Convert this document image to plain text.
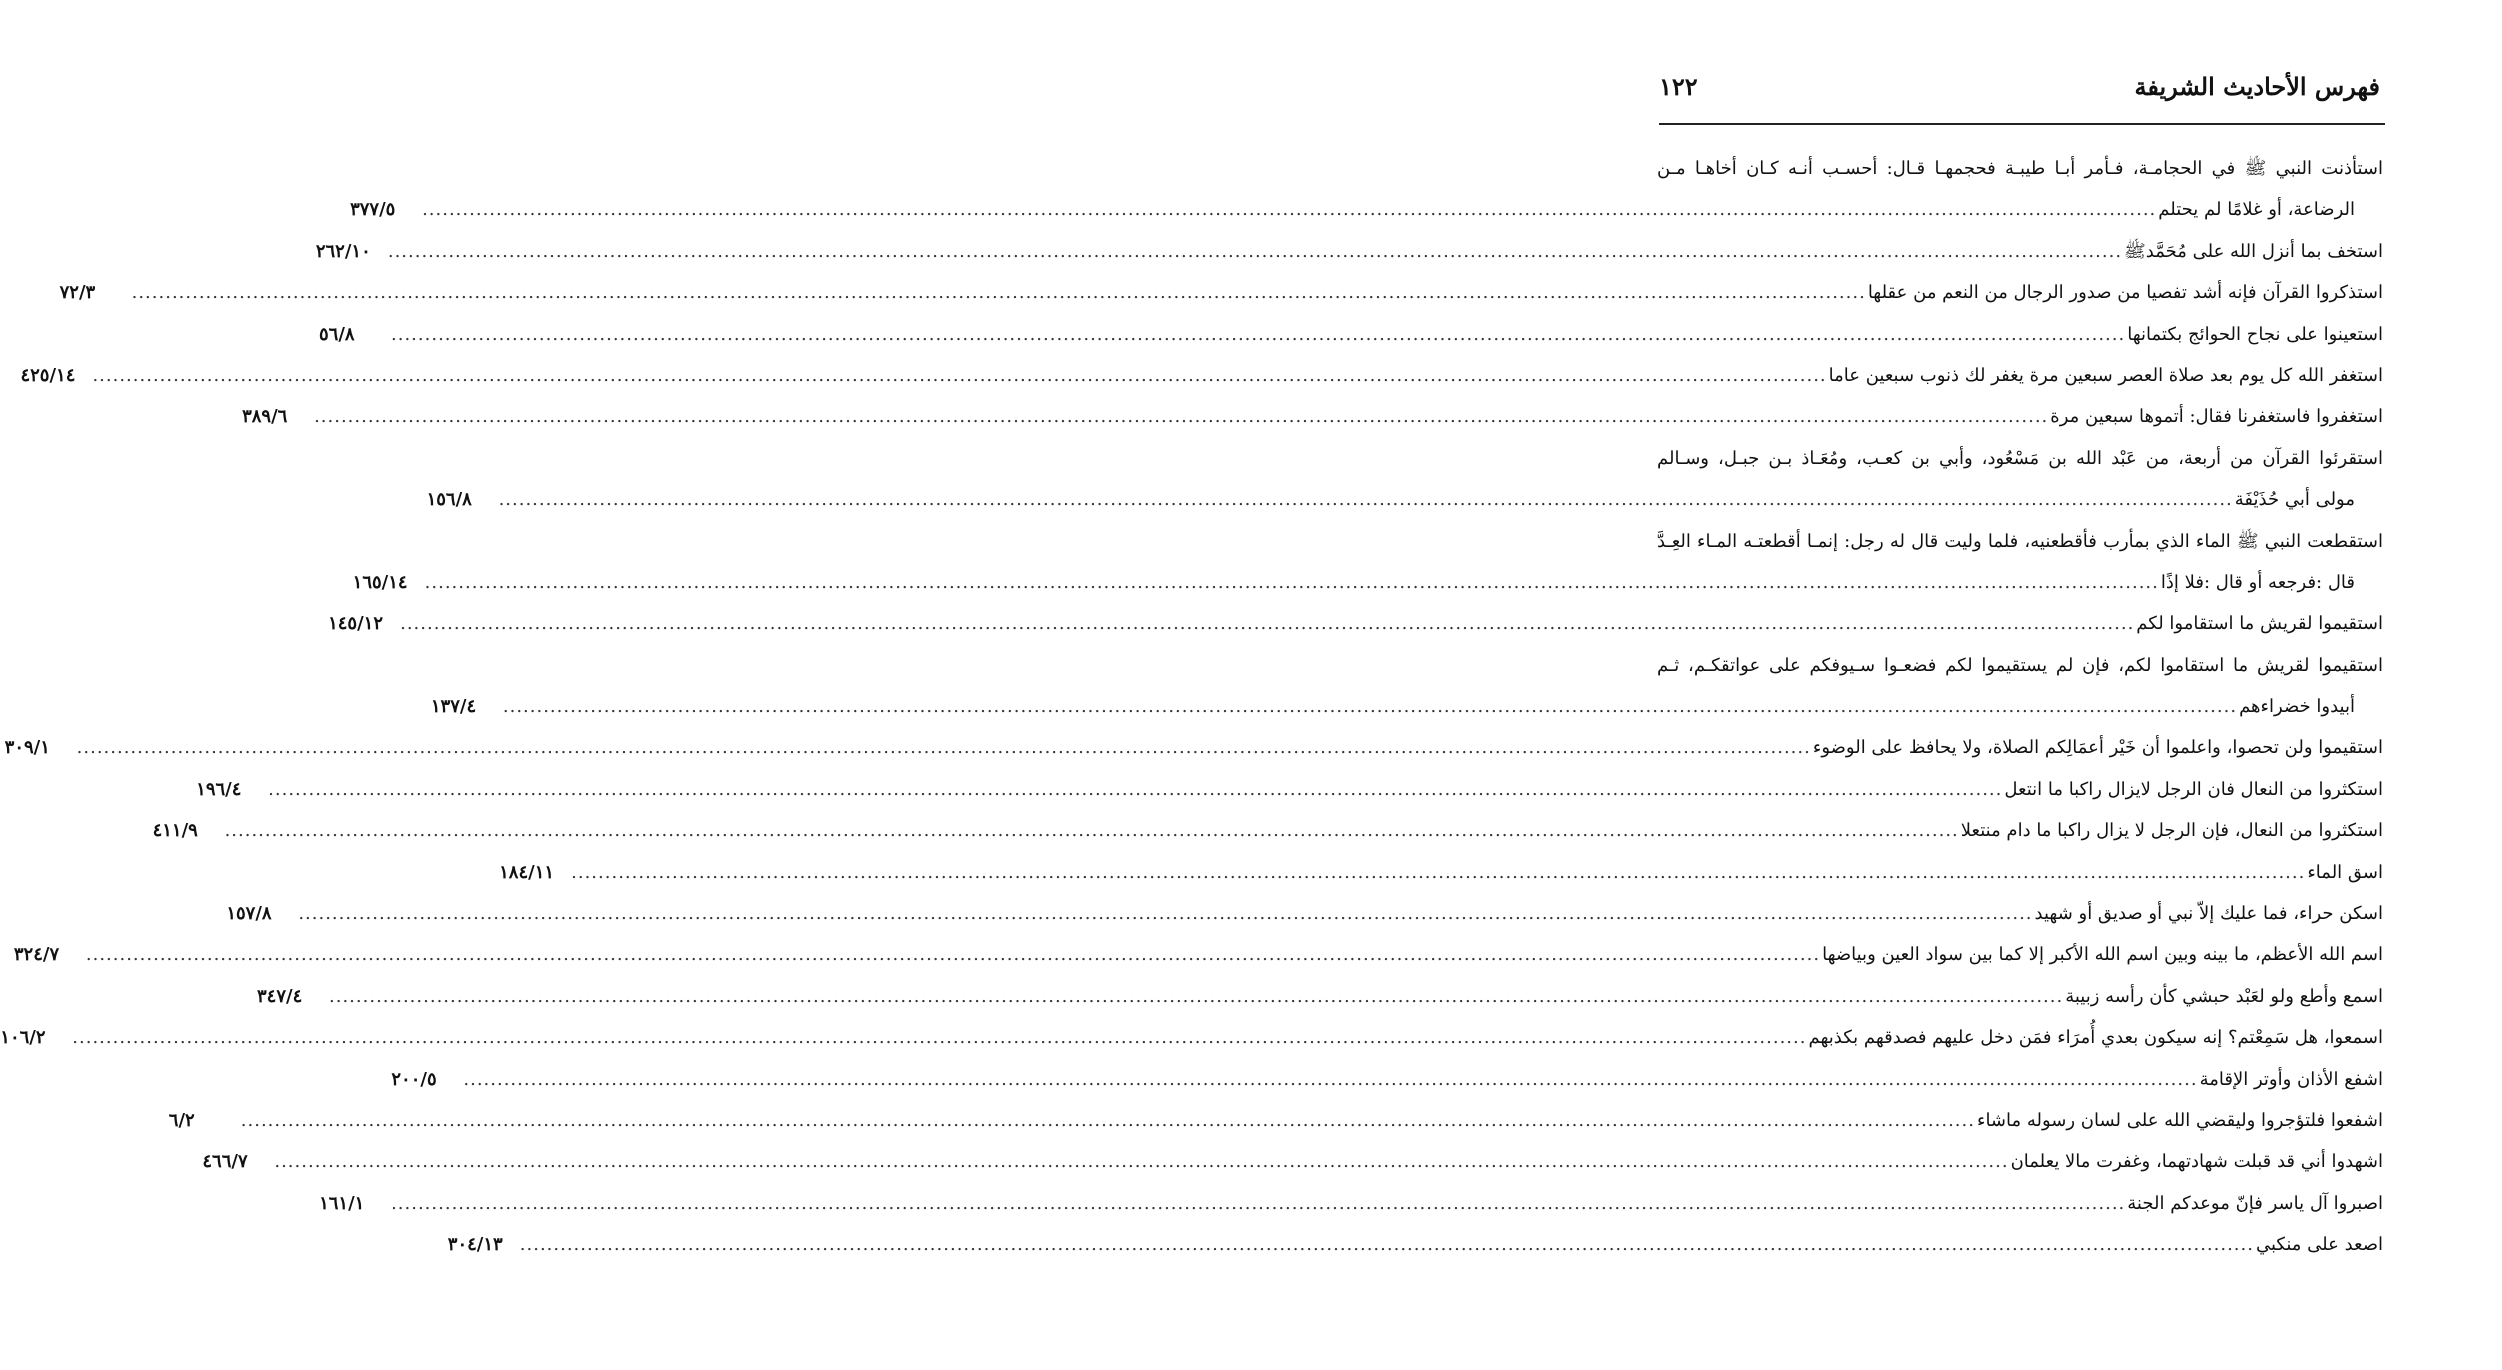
فهرس الأحاديث الشريفة
١٢٢
استأذنت النبي ﷺ في الحجامـة، فـأمر أبـا طيبـة فحجمهـا قـال: أحسـب أنـه كـان أخاهـا مـن
الرضاعة، أو غلامًا لم يحتلم
.....
٣٧٧/٥
استخف بما أنزل الله على مُحَمَّدﷺ
.....
٢٦٢/١٠
استذكروا القرآن فإنه أشد تفصيا من صدور الرجال من النعم من عقلها
.....
٧٢/٣
استعينوا على نجاح الحوائج بكتمانها
.....
٥٦/٨
استغفر الله كل يوم بعد صلاة العصر سبعين مرة يغفر لك ذنوب سبعين عاما
.....
٤٢٥/١٤
استغفروا فاستغفرنا فقال: أتموها سبعين مرة
.....
٣٨٩/٦
استقرئوا القرآن من أربعة، من عَبْد الله بن مَسْعُود، وأبي بن كعـب، ومُعَـاذ بـن جبـل، وسـالم
مولى أبي حُذَيْفَة
.....
١٥٦/٨
استقطعت النبي ﷺ الماء الذي بمأرب فأقطعنيه، فلما وليت قال له رجل: إنمـا أقطعتـه المـاء العِـدَّ
قال :فرجعه أو قال :فلا إذًا
.....
١٦٥/١٤
استقيموا لقريش ما استقاموا لكم
.....
١٤٥/١٢
استقيموا لقريش ما استقاموا لكم، فإن لم يستقيموا لكم فضعـوا سـيوفكم على عواتقكـم، ثـم
أبيدوا خضراءهم
.....
١٣٧/٤
استقيموا ولن تحصوا، واعلموا أن خَيْر أعمَالِكم الصلاة، ولا يحافظ على الوضوء
.....
٣٠٩/١
استكثروا من النعال فان الرجل لايزال راكبا ما انتعل
.....
١٩٦/٤
استكثروا من النعال، فإن الرجل لا يزال راكبا ما دام منتعلا
.....
٤١١/٩
اسق الماء
.....
١٨٤/١١
اسكن حراء، فما عليك إلاّ نبي أو صديق أو شهيد
.....
١٥٧/٨
اسم الله الأعظم، ما بينه وبين اسم الله الأكبر إلا كما بين سواد العين وبياضها
.....
٣٢٤/٧
اسمع وأطع ولو لعَبْد حبشي كأن رأسه زبيبة
.....
٣٤٧/٤
اسمعوا، هل سَمِعْتم؟ إنه سيكون بعدي أُمرَاء فمَن دخل عليهم فصدقهم بكذبهم
.....
١٠٦/٢
اشفع الأذان وأوتر الإقامة
.....
٢٠٠/٥
اشفعوا فلتؤجروا وليقضي الله على لسان رسوله ماشاء
.....
٦/٢
اشهدوا أني قد قبلت شهادتهما، وغفرت مالا يعلمان
.....
٤٦٦/٧
اصبروا آل ياسر فإنّ موعدكم الجنة
.....
١٦١/١
اصعد على منكبي
.....
٣٠٤/١٣
